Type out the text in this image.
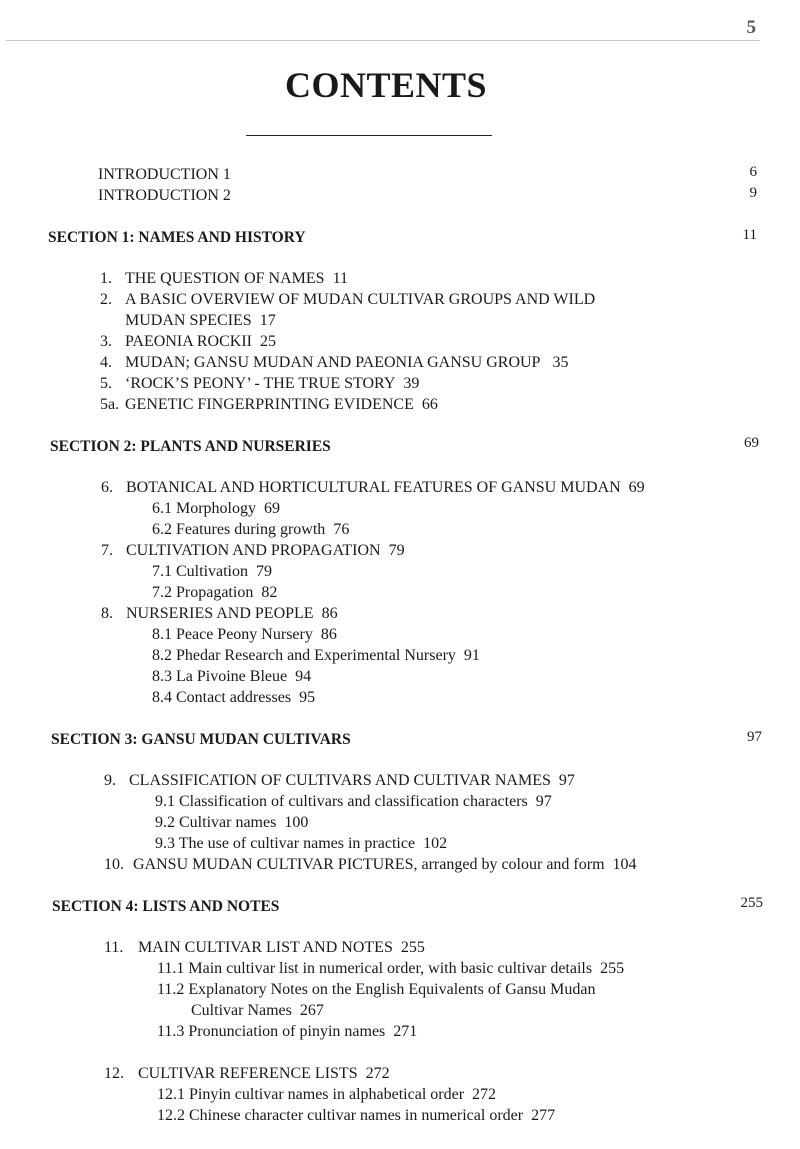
5
CONTENTS
INTRODUCTION 1	6
INTRODUCTION 2	9
SECTION 1: NAMES AND HISTORY	11
1. THE QUESTION OF NAMES 11
2. A BASIC OVERVIEW OF MUDAN CULTIVAR GROUPS AND WILD
MUDAN SPECIES 17
3. PAEONIA ROCKII 25
4. MUDAN; GANSU MUDAN AND PAEONIA GANSU GROUP 35
5. ‘ROCK’S PEONY’ - THE TRUE STORY 39
5a. GENETIC FINGERPRINTING EVIDENCE 66
SECTION 2: PLANTS AND NURSERIES	69
6. BOTANICAL AND HORTICULTURAL FEATURES OF GANSU MUDAN 69
6.1 Morphology 69
6.2 Features during growth 76
7. CULTIVATION AND PROPAGATION 79
7.1 Cultivation 79
7.2 Propagation 82
8. NURSERIES AND PEOPLE 86
8.1 Peace Peony Nursery 86
8.2 Phedar Research and Experimental Nursery 91
8.3 La Pivoine Bleue 94
8.4 Contact addresses 95
SECTION 3: GANSU MUDAN CULTIVARS	97
9. CLASSIFICATION OF CULTIVARS AND CULTIVAR NAMES 97
9.1 Classification of cultivars and classification characters 97
9.2 Cultivar names 100
9.3 The use of cultivar names in practice 102
10. GANSU MUDAN CULTIVAR PICTURES, arranged by colour and form 104
SECTION 4: LISTS AND NOTES	255
11. MAIN CULTIVAR LIST AND NOTES 255
11.1 Main cultivar list in numerical order, with basic cultivar details 255
11.2 Explanatory Notes on the English Equivalents of Gansu Mudan
Cultivar Names 267
11.3 Pronunciation of pinyin names 271
12. CULTIVAR REFERENCE LISTS 272
12.1 Pinyin cultivar names in alphabetical order 272
12.2 Chinese character cultivar names in numerical order 277
